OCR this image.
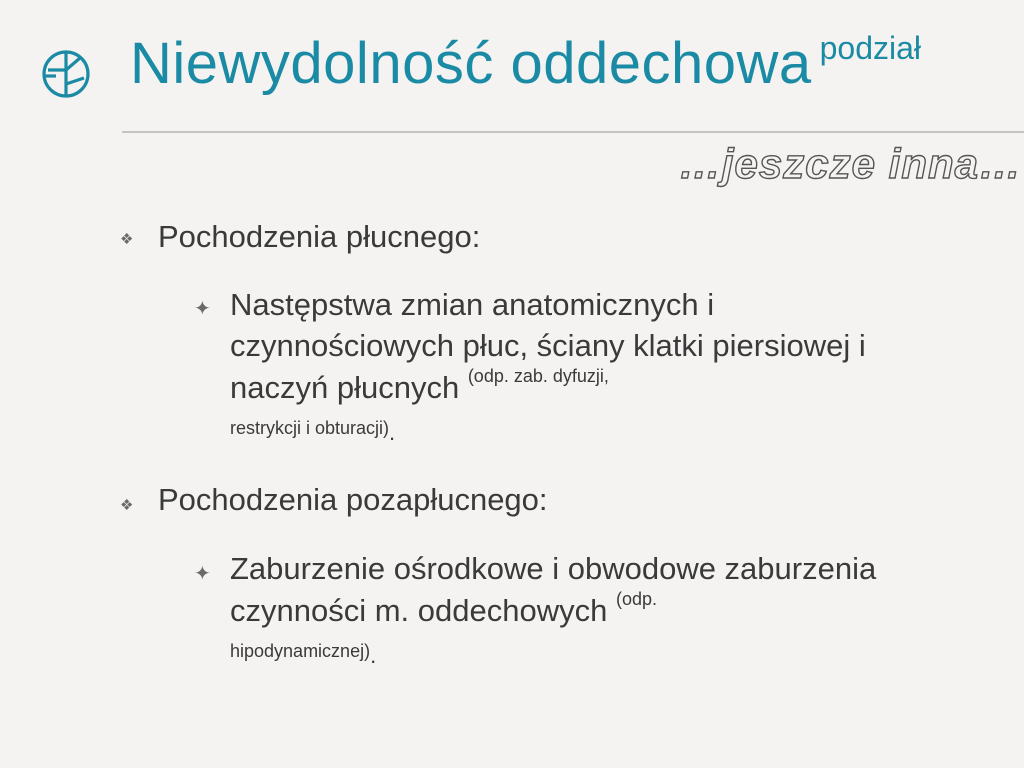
Niewydolność oddechowa podział
…jeszcze inna…
❖ Pochodzenia płucnego:
✦ Następstwa zmian anatomicznych i czynnościowych płuc, ściany klatki piersiowej i naczyń płucnych $^{(odp. zab. dyfuzji,}$
restrykcji i obturacji).
❖ Pochodzenia pozapłucnego:
✦ Zaburzenie ośrodkowe i obwodowe zaburzenia czynności m. oddechowych $^{(odp.}$
hipodynamicznej).
